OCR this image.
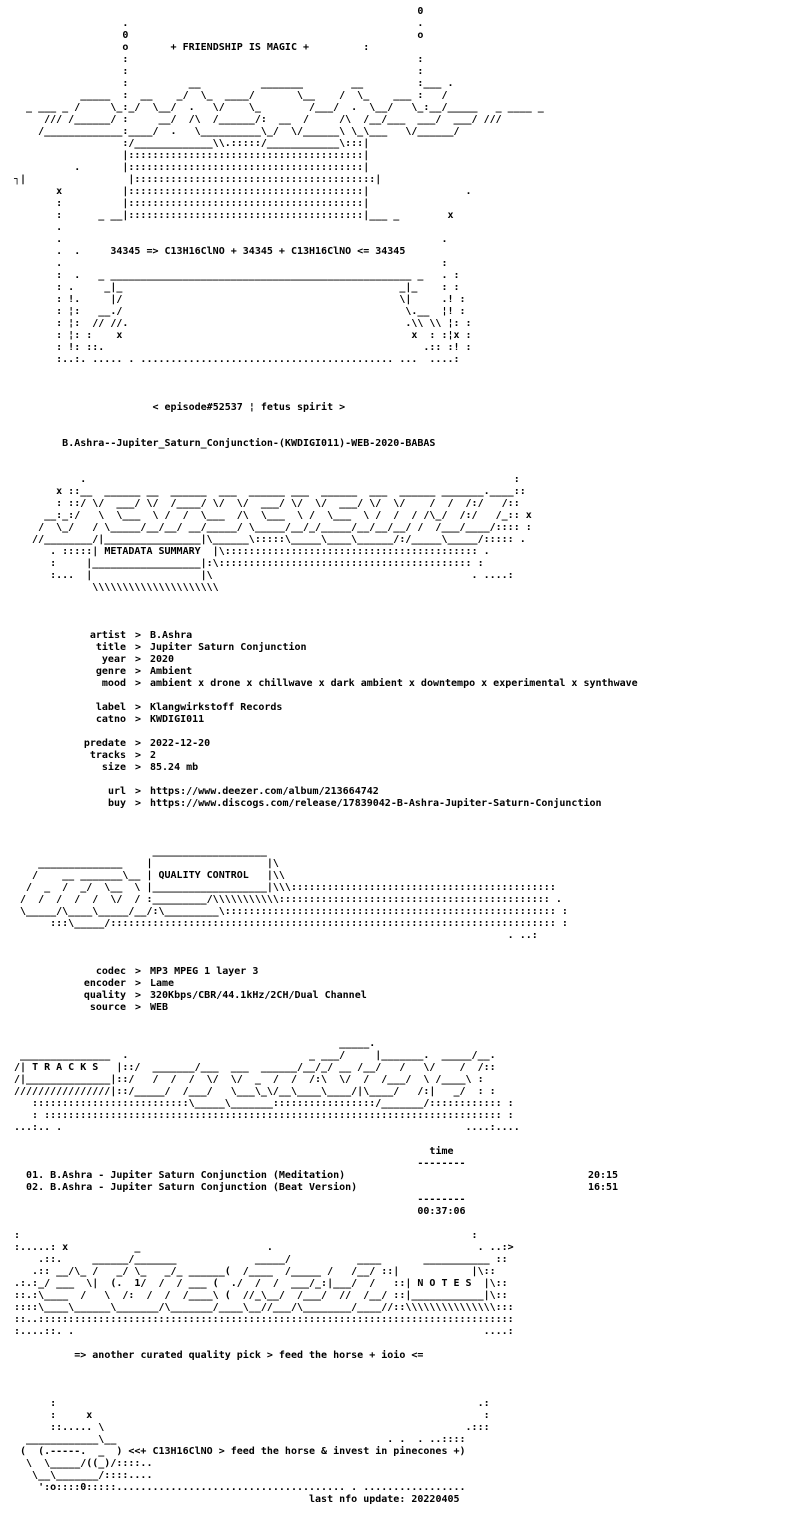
0
.                                                .
0                                                o
o       + FRIENDSHIP IS MAGIC +         :
:                                                :
:                                                :
:          __          _______        __         :___ .
_____  :  __    _/  \_  ____/       \__    /  \_    ___ :   /
_ ___ _ /     \_:_/  \__/  .   \/    \_        /___/  .  \__/   \_:__/_____   _ ____ _
/// /______/ :     __/  /\  /______/:  __  /     /\  /__/___  ___/  ___/ ///
/_____________:____/  .   \__________\_/  \/______\ \_\___   \/______/
:/_____________\\.:::::/____________\:::|
|:::::::::::::::::::::::::::::::::::::::|
.       |:::::::::::::::::::::::::::::::::::::::|
┐|                 |::::::::::::::::::::::::::::::::::::::::|
x          |:::::::::::::::::::::::::::::::::::::::|                .
:          |:::::::::::::::::::::::::::::::::::::::|
:      _ __|:::::::::::::::::::::::::::::::::::::::|___ _        x
.
.                                                               .
.  .     34345 => C13H16ClNO + 34345 + C13H16ClNO <= 34345
.                                                               :
:  .   _ __________________________________________________ _   . :
: .     _|_                                              _|_    : :
: !.     |/                                              \|     .! :
: ¦:   __./                                               \.__  ¦! :
: ¦:  // //.                                              .\\ \\ ¦: :
: ¦: :    x                                                x  : :¦x :
: !: ::.                                                     .:: :! :
:..:. ..... . .......................................... ...  ....:

< episode#52537 ¦ fetus spirit >

B.Ashra--Jupiter_Saturn_Conjunction-(KWDIGI011)-WEB-2020-BABAS

.                                                                       :
x ::__  ______ __  ______  ___  ______ ___  ______  ___  ______ _______.____::
: ::/ \/  ___/ \/  /____/ \/  \/  ___/ \/  \/  ___/ \/  \/    /  /  /:/   /::
__:_:/   \  \___  \ /  /  \___  /\  \___  \ /  \___  \ /  /  / /\_/  /:/   /_:: x
/  \_/   / \_____/__/__/ __/_____/ \_____/__/_/_____/__/__/__/ /  /___/____/:::: :
//________/|________________|\______\:::::\_____\____\______/:/_____\_____/::::: .
. :::::| METADATA SUMMARY  |\:::::::::::::::::::::::::::::::::::::::::: .
:     |__________________|:\:::::::::::::::::::::::::::::::::::::::::: :
:...  |                  |\                                           . ....:
\\\\\\\\\\\\\\\\\\\\\

artist > B.Ashra
title > Jupiter Saturn Conjunction
year > 2020
genre > Ambient
mood > ambient x drone x chillwave x dark ambient x downtempo x experimental x synthwave

label > Klangwirkstoff Records
catno > KWDIGI011

predate > 2022-12-20
tracks > 2
size > 85.24 mb

url > https://www.deezer.com/album/213664742
buy > https://www.discogs.com/release/17839042-B-Ashra-Jupiter-Saturn-Conjunction

___________________
______________    |                   |\
/    __ _______\__ | QUALITY CONTROL   |\\
/  _  /  _/  \__  \ |___________________|\\\::::::::::::::::::::::::::::::::::::::::::::
/  /  /  /  /  \/  / :_________/\\\\\\\\\\\::::::::::::::::::::::::::::::::::::::::::::: .
\_____/\____\_____/__/:\_________\::::::::::::::::::::::::::::::::::::::::::::::::::::::: :
:::\_____/:::::::::::::::::::::::::::::::::::::::::::::::::::::::::::::::::::::::::: :
. ..:

codec > MP3 MPEG 1 layer 3
encoder > Lame
quality > 320Kbps/CBR/44.1kHz/2CH/Dual Channel
source > WEB

_____.
_______________  .                              _ ___/     |_______.  _____/__.
/| T R A C K S   |::/  _______/___  ___  ______/__/_/ __ /__/   /   \/    /  /::
/|______________|::/   /  /  /  \/  \/  _  /  /  /:\  \/  /  /___/  \ /____\ :
////////////////|::/_____/  /___/   \___\_\/__\____\____/|\____/   /:|   _/  : :
::::::::::::::::::::::::::\_____\_______:::::::::::::::::/_______/:::::::::::: :
: :::::::::::::::::::::::::::::::::::::::::::::::::::::::::::::::::::::::::::: :
...:.. .                                                                   ....:....

time
--------
01. B.Ashra - Jupiter Saturn Conjunction (Meditation)	20:15
02. B.Ashra - Jupiter Saturn Conjunction (Beat Version)	16:51
--------
00:37:06

:                                                                           :
:.....: x           _                     .                                  . ..:>
.::.     ______/_______             _____/           ____       ___________ ::
.:: __/\_ /   _/ \_   _/_ ______(  /____  /_____ /   /__/ ::|            |\::
.:.:_/ ___  \|  (.  1/  /  / ___ (  ./  /  /  ___/_:|___/  /   ::| N O T E S  |\::
::.:\____  /   \  /:  /  /  /____\ (  //_\__/  /___/  //  /__/ ::|____________|\::
::::\____\______\_______/\_______/____\__//___/\________/____//::\\\\\\\\\\\\\\\:::
::..:::::::::::::::::::::::::::::::::::::::::::::::::::::::::::::::::::::::::::::::
:....::. .                                                                    ....:

=> another curated quality pick > feed the horse + ioio <=

:                                                                      .:
:     x                                                                 :
::..... \                                                            .:::
____________\__                                             . .  . ..::::
(  (.-----.  _  ) <<+ C13H16ClNO > feed the horse & invest in pinecones +)
\  \_____/((_)/::::..
\__\_______/::::....
':o::::0:::::...................................... . .................
last nfo update: 20220405
